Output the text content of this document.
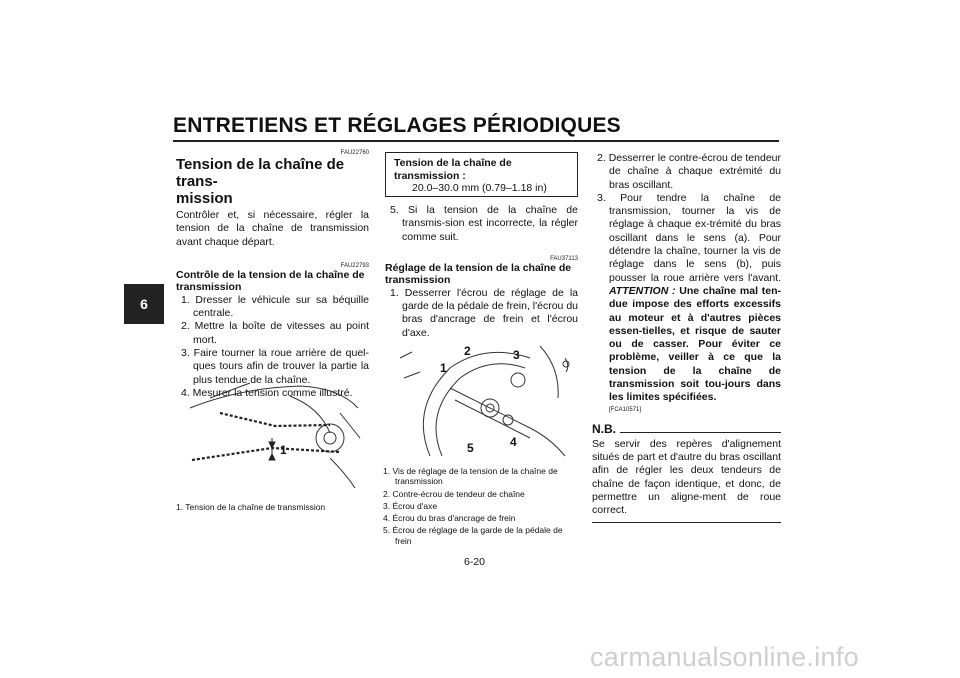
ENTRETIENS ET RÉGLAGES PÉRIODIQUES
6
FAU22760
Tension de la chaîne de trans-
mission
Contrôler et, si nécessaire, régler la tension de la chaîne de transmission avant chaque départ.
FAU22793
Contrôle de la tension de la chaîne de
transmission
1. Dresser le véhicule sur sa béquille centrale.
2. Mettre la boîte de vitesses au point mort.
3. Faire tourner la roue arrière de quel-ques tours afin de trouver la partie la plus tendue de la chaîne.
4. Mesurer la tension comme illustré.
1
1. Tension de la chaîne de transmission
Tension de la chaîne de
transmission :
20.0–30.0 mm (0.79–1.18 in)
5. Si la tension de la chaîne de transmis-sion est incorrecte, la régler comme suit.
FAU37113
Réglage de la tension de la chaîne de
transmission
1. Desserrer l'écrou de réglage de la garde de la pédale de frein, l'écrou du bras d'ancrage de frein et l'écrou d'axe.
1
2	3
4
5
1. Vis de réglage de la tension de la chaîne de transmission
2. Contre-écrou de tendeur de chaîne
3. Écrou d'axe
4. Écrou du bras d'ancrage de frein
5. Écrou de réglage de la garde de la pédale de frein
2. Desserrer le contre-écrou de tendeur de chaîne à chaque extrémité du bras oscillant.
3. Pour tendre la chaîne de transmission, tourner la vis de réglage à chaque ex-trémité du bras oscillant dans le sens (a). Pour détendre la chaîne, tourner la vis de réglage dans le sens (b), puis pousser la roue arrière vers l'avant. ATTENTION : Une chaîne mal ten-due impose des efforts excessifs au moteur et à d'autres pièces essen-tielles, et risque de sauter ou de casser. Pour éviter ce problème, veiller à ce que la tension de la chaîne de transmission soit tou-jours dans les limites spécifiées.
[FCA10571]
N.B.
Se servir des repères d'alignement situés de part et d'autre du bras oscillant afin de régler les deux tendeurs de chaîne de façon identique, et donc, de permettre un aligne-ment de roue correct.
6-20
carmanualsonline.info
